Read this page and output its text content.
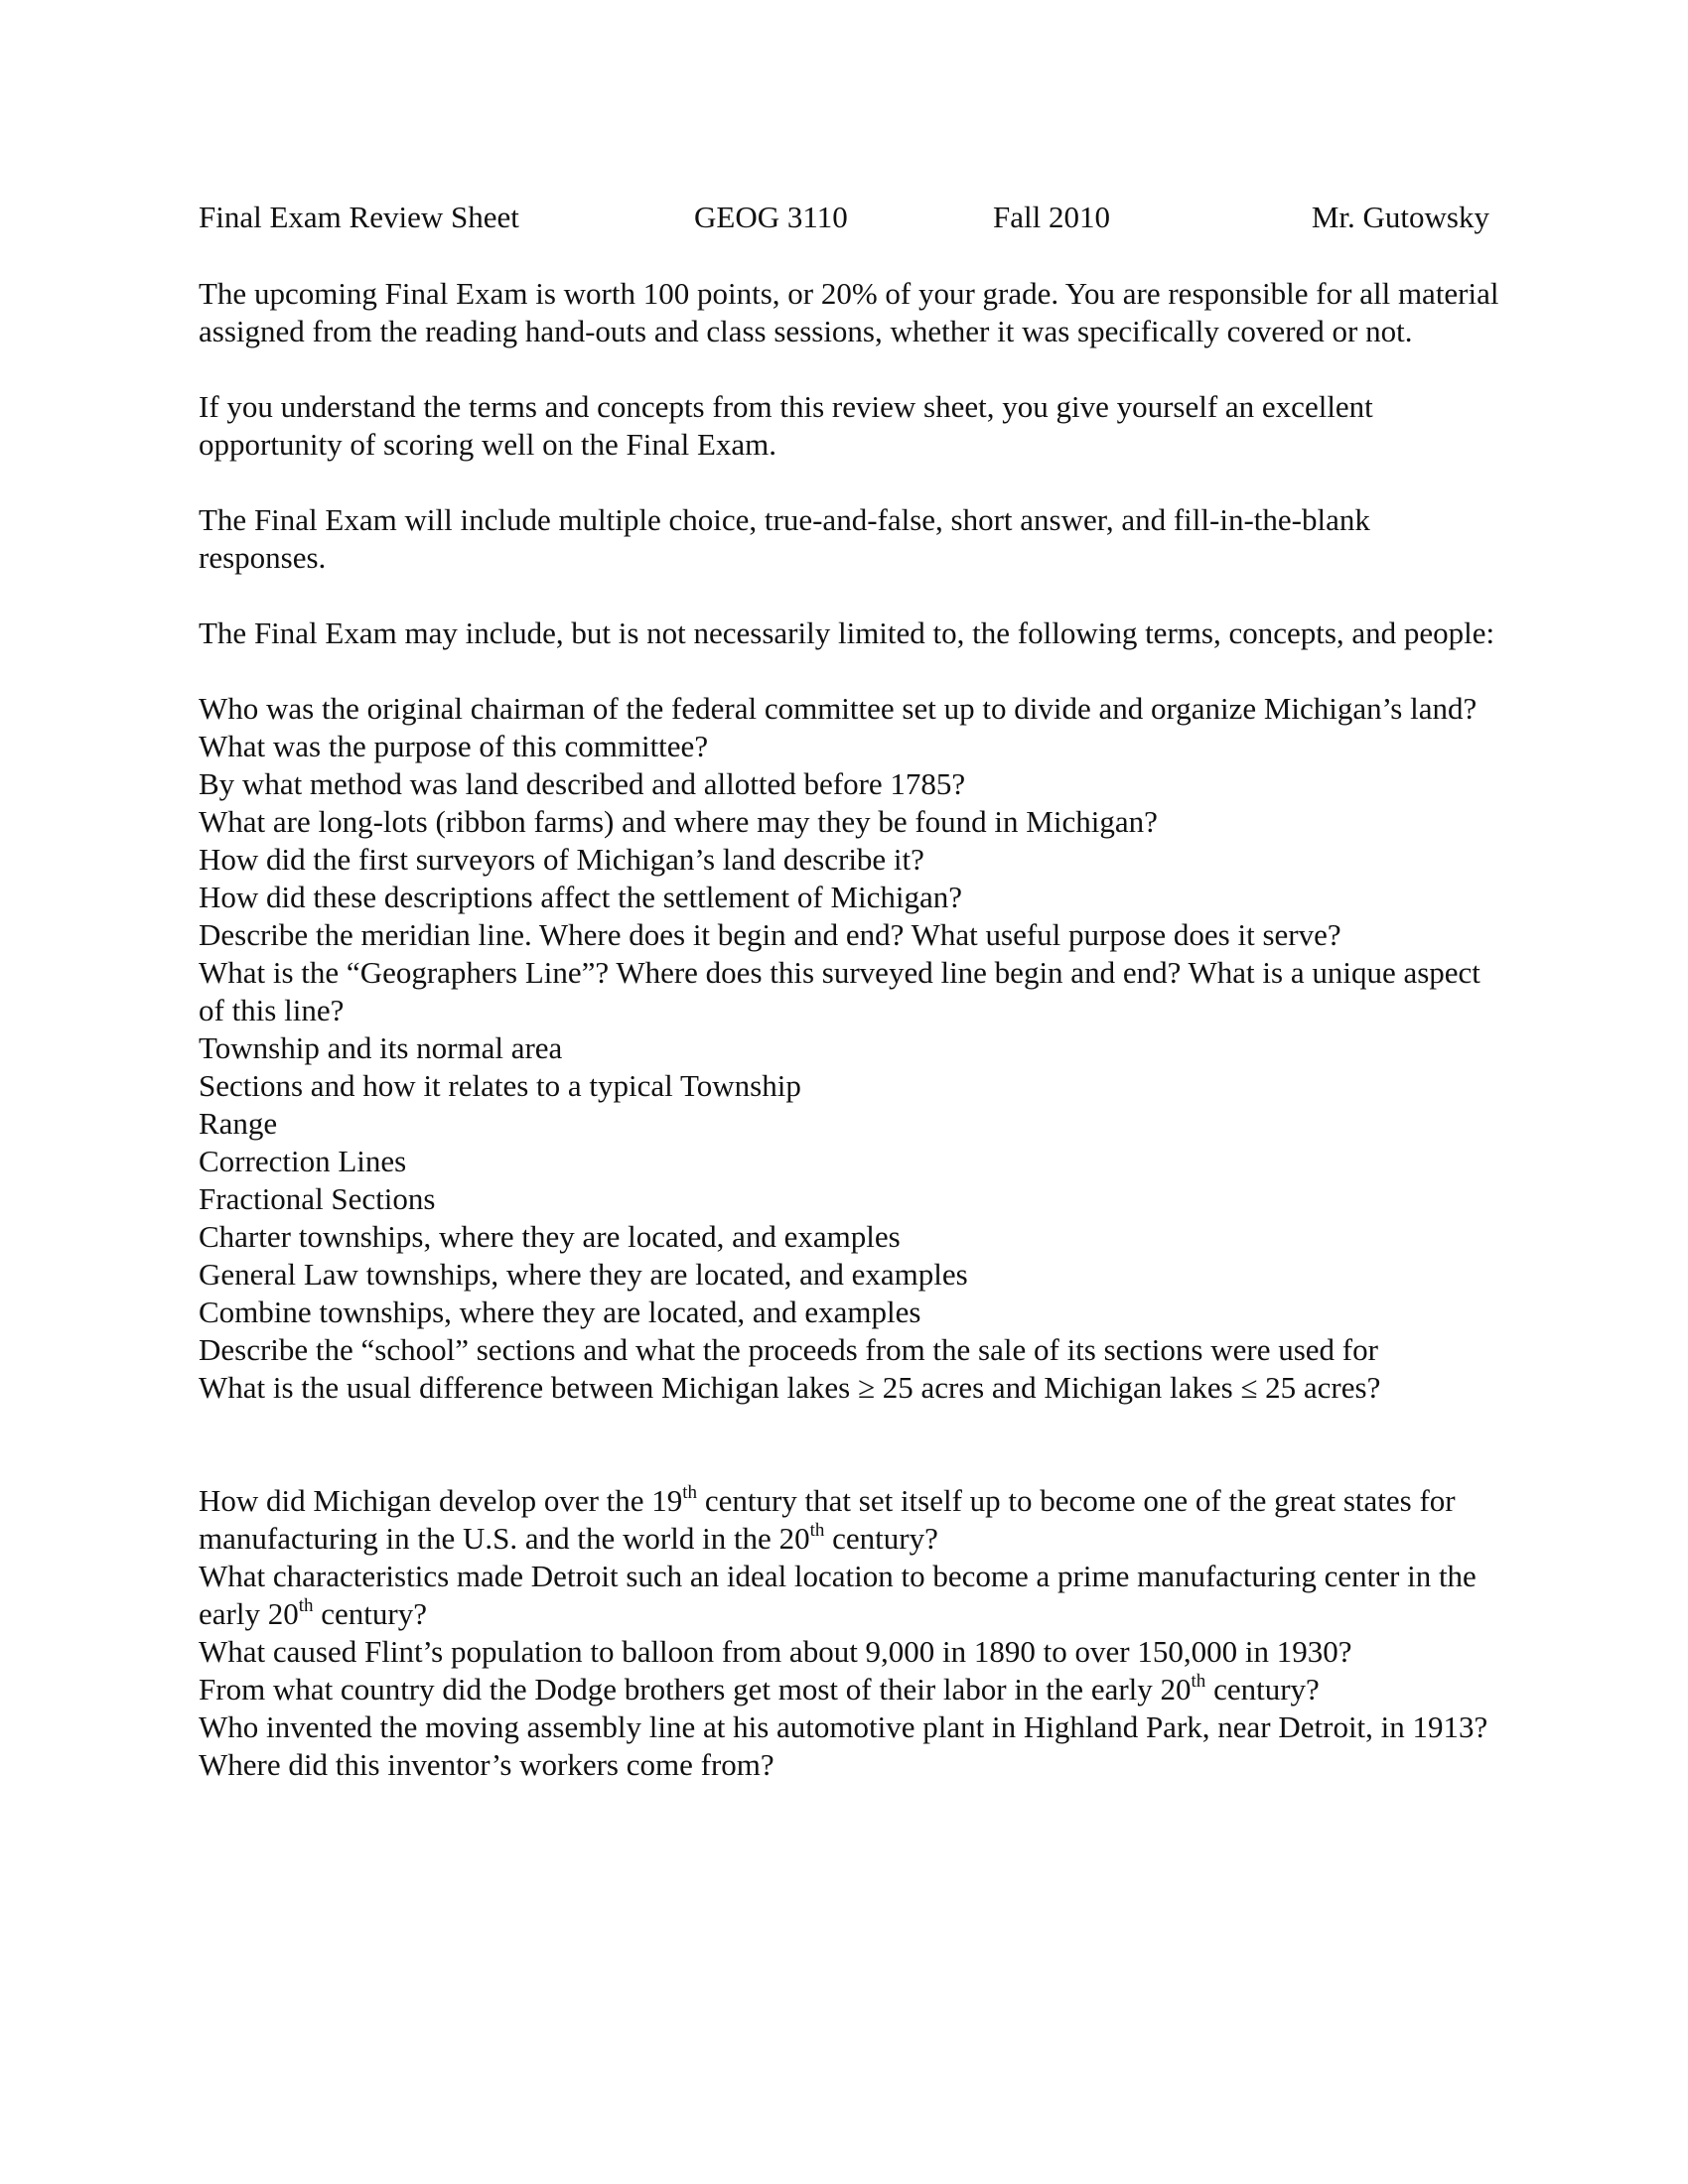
Final Exam Review Sheet	GEOG 3110	Fall 2010	Mr. Gutowsky

The upcoming Final Exam is worth 100 points, or 20% of your grade. You are responsible for all material assigned from the reading hand-outs and class sessions, whether it was specifically covered or not.

If you understand the terms and concepts from this review sheet, you give yourself an excellent opportunity of scoring well on the Final Exam.

The Final Exam will include multiple choice, true-and-false, short answer, and fill-in-the-blank responses.

The Final Exam may include, but is not necessarily limited to, the following terms, concepts, and people:

Who was the original chairman of the federal committee set up to divide and organize Michigan’s land?
What was the purpose of this committee?
By what method was land described and allotted before 1785?
What are long-lots (ribbon farms) and where may they be found in Michigan?
How did the first surveyors of Michigan’s land describe it?
How did these descriptions affect the settlement of Michigan?
Describe the meridian line. Where does it begin and end? What useful purpose does it serve?
What is the “Geographers Line”? Where does this surveyed line begin and end? What is a unique aspect of this line?
Township and its normal area
Sections and how it relates to a typical Township
Range
Correction Lines
Fractional Sections
Charter townships, where they are located, and examples
General Law townships, where they are located, and examples
Combine townships, where they are located, and examples
Describe the “school” sections and what the proceeds from the sale of its sections were used for
What is the usual difference between Michigan lakes ≥ 25 acres and Michigan lakes ≤ 25 acres?
How did Michigan develop over the 19th century that set itself up to become one of the great states for manufacturing in the U.S. and the world in the 20th century?
What characteristics made Detroit such an ideal location to become a prime manufacturing center in the early 20th century?
What caused Flint’s population to balloon from about 9,000 in 1890 to over 150,000 in 1930?
From what country did the Dodge brothers get most of their labor in the early 20th century?
Who invented the moving assembly line at his automotive plant in Highland Park, near Detroit, in 1913?
Where did this inventor’s workers come from?
